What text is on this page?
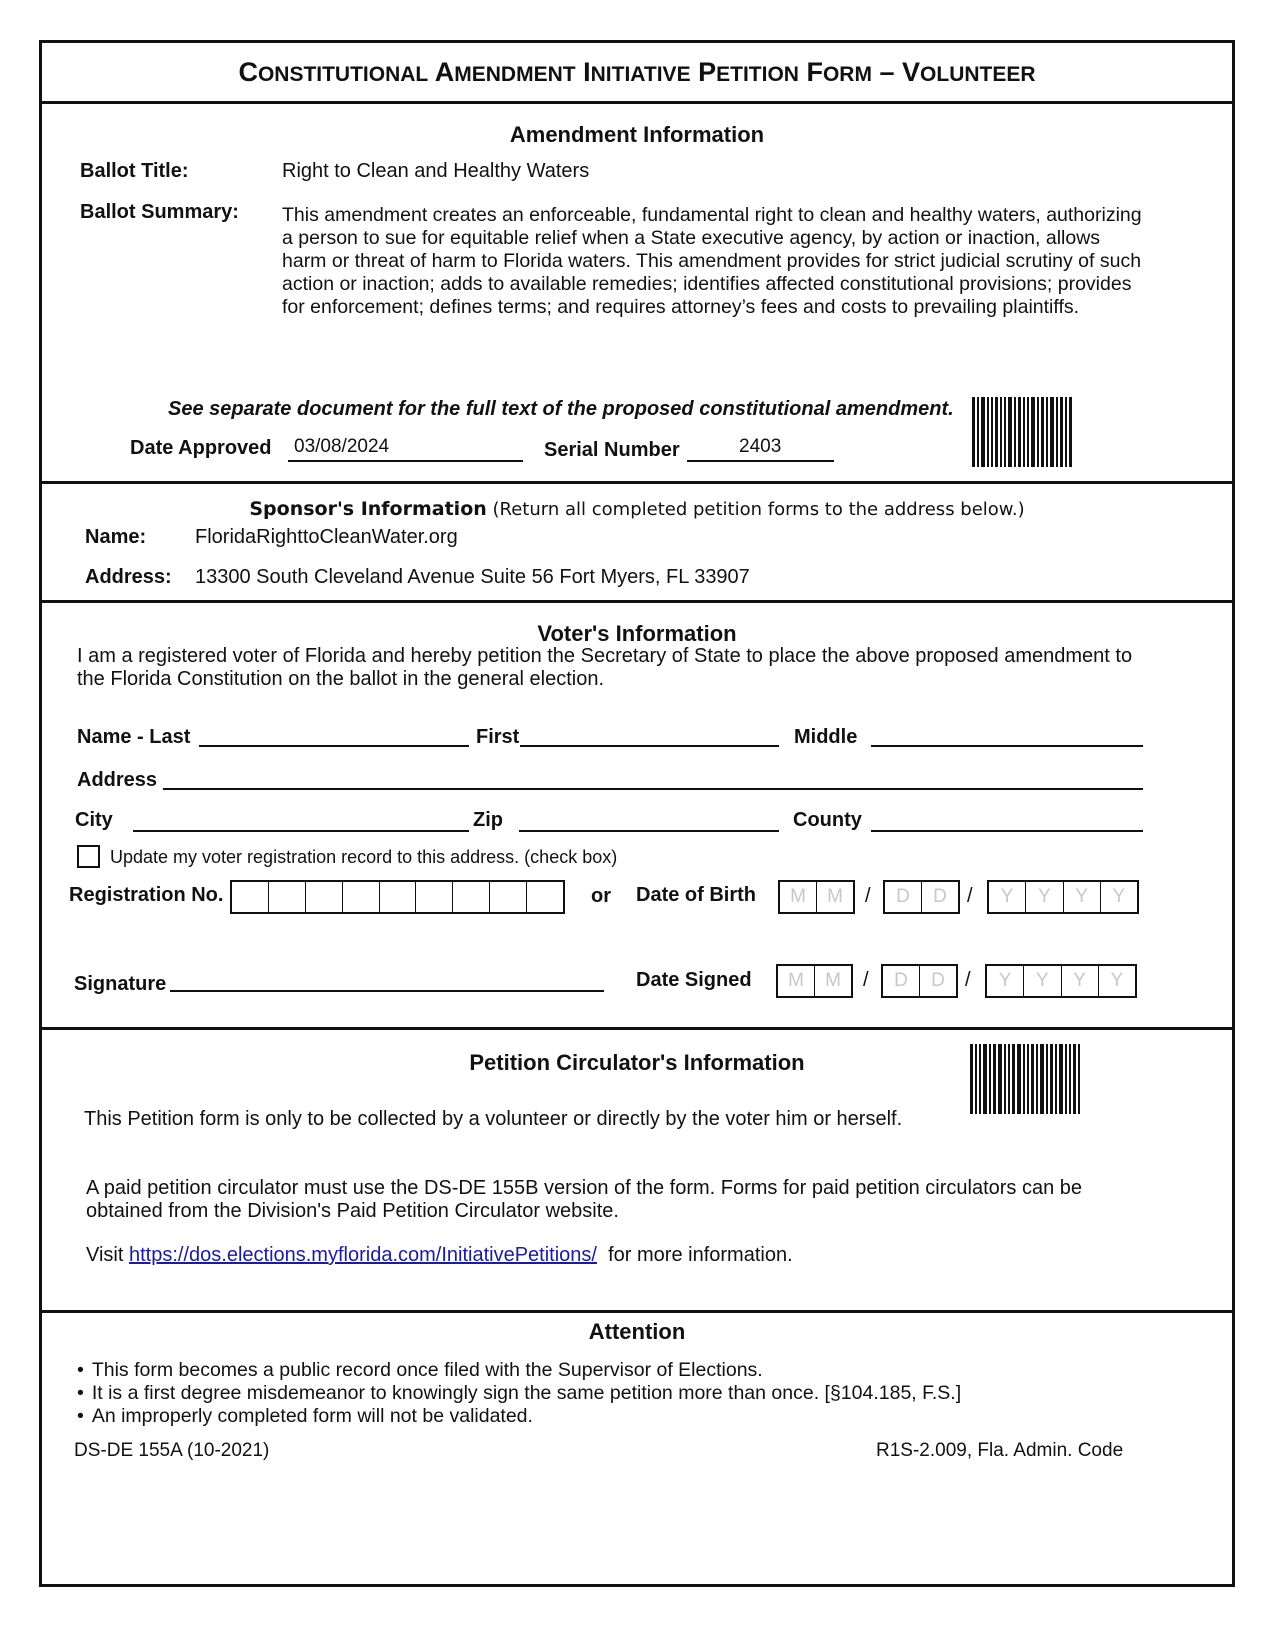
CONSTITUTIONAL AMENDMENT INITIATIVE PETITION FORM – VOLUNTEER
Amendment Information
Ballot Title:	Right to Clean and Healthy Waters
Ballot Summary: This amendment creates an enforceable, fundamental right to clean and healthy waters, authorizing a person to sue for equitable relief when a State executive agency, by action or inaction, allows harm or threat of harm to Florida waters. This amendment provides for strict judicial scrutiny of such action or inaction; adds to available remedies; identifies affected constitutional provisions; provides for enforcement; defines terms; and requires attorney’s fees and costs to prevailing plaintiffs.
See separate document for the full text of the proposed constitutional amendment.
Date Approved 03/08/2024	Serial Number	2403
Sponsor's Information (Return all completed petition forms to the address below.)
Name: FloridaRighttoCleanWater.org
Address: 13300 South Cleveland Avenue Suite 56 Fort Myers, FL 33907
Voter's Information
I am a registered voter of Florida and hereby petition the Secretary of State to place the above proposed amendment to the Florida Constitution on the ballot in the general election.
Name - Last	First	Middle
Address
City	Zip	County
Update my voter registration record to this address. (check box)
Registration No.	or Date of Birth	M	M	/	D	D	/	Y	Y	Y	Y
Signature	Date Signed	M	M	/	D	D	/	Y	Y	Y	Y
Petition Circulator's Information
This Petition form is only to be collected by a volunteer or directly by the voter him or herself.
A paid petition circulator must use the DS-DE 155B version of the form. Forms for paid petition circulators can be obtained from the Division's Paid Petition Circulator website.
Visit https://dos.elections.myflorida.com/InitiativePetitions/ for more information.
Attention
• This form becomes a public record once filed with the Supervisor of Elections.
• It is a first degree misdemeanor to knowingly sign the same petition more than once. [§104.185, F.S.]
• An improperly completed form will not be validated.
DS-DE 155A (10-2021)	R1S-2.009, Fla. Admin. Code
